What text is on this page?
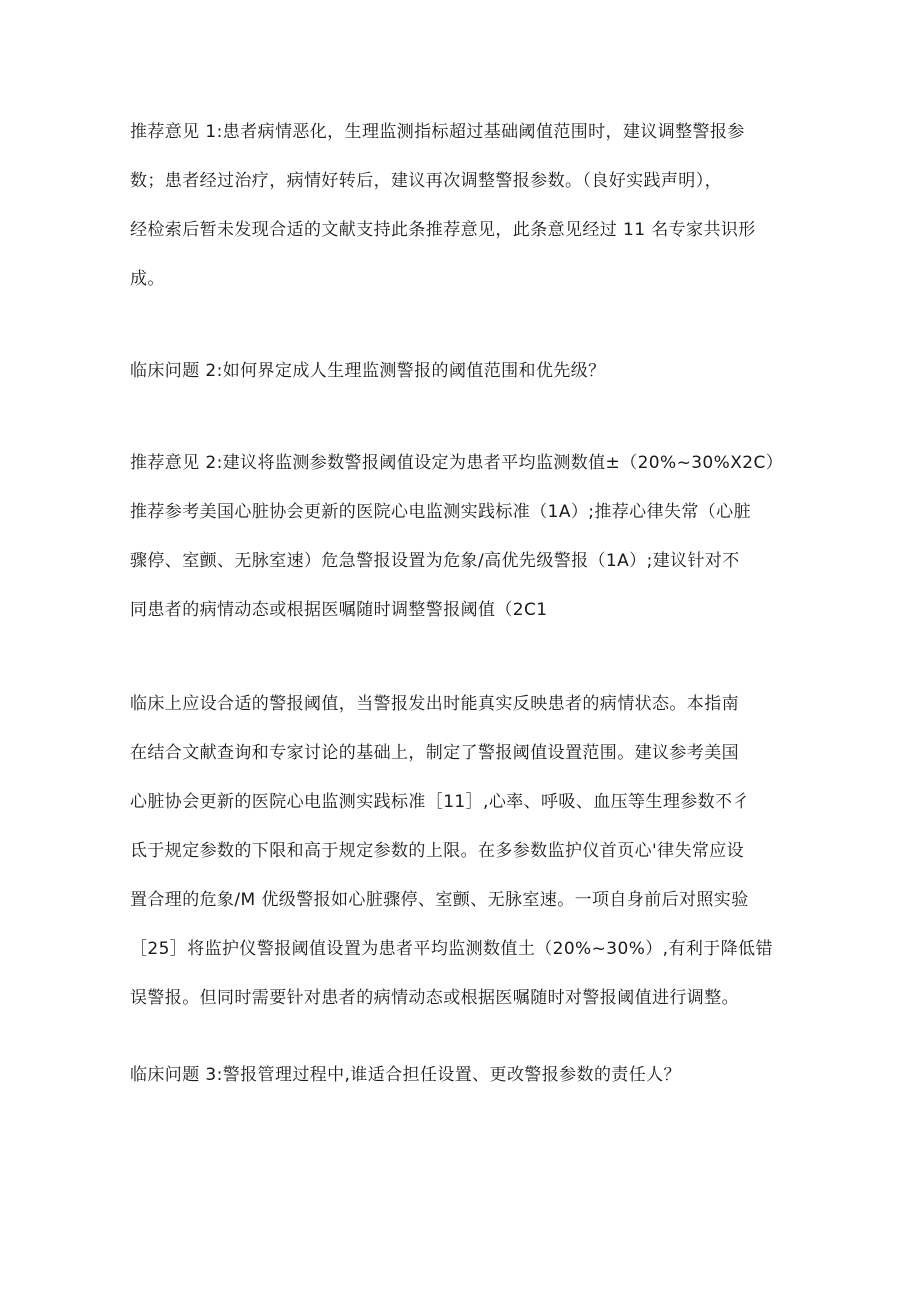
推荐意见 1:患者病情恶化，生理监测指标超过基础阈值范围时，建议调整警报参
数；患者经过治疗，病情好转后，建议再次调整警报参数。（良好实践声明），
经检索后暂未发现合适的文献支持此条推荐意见，此条意见经过 11 名专家共识形
成。
临床问题 2:如何界定成人生理监测警报的阈值范围和优先级？
推荐意见 2:建议将监测参数警报阈值设定为患者平均监测数值±（20%~30%X2C）
推荐参考美国心脏协会更新的医院心电监测实践标准（1A）;推荐心律失常（心脏
骤停、室颤、无脉室速）危急警报设置为危象/高优先级警报（1A）;建议针对不
同患者的病情动态或根据医嘱随时调整警报阈值（2C1
临床上应设合适的警报阈值，当警报发出时能真实反映患者的病情状态。本指南
在结合文献查询和专家讨论的基础上，制定了警报阈值设置范围。建议参考美国
心脏协会更新的医院心电监测实践标准［11］,心率、呼吸、血压等生理参数不彳
氐于规定参数的下限和高于规定参数的上限。在多参数监护仪首页心'律失常应设
置合理的危象/M 优级警报如心脏骤停、室颤、无脉室速。一项自身前后对照实验
［25］将监护仪警报阈值设置为患者平均监测数值土（20%~30%）,有利于降低错
误警报。但同时需要针对患者的病情动态或根据医嘱随时对警报阈值进行调整。
临床问题 3:警报管理过程中,谁适合担任设置、更改警报参数的责任人？
